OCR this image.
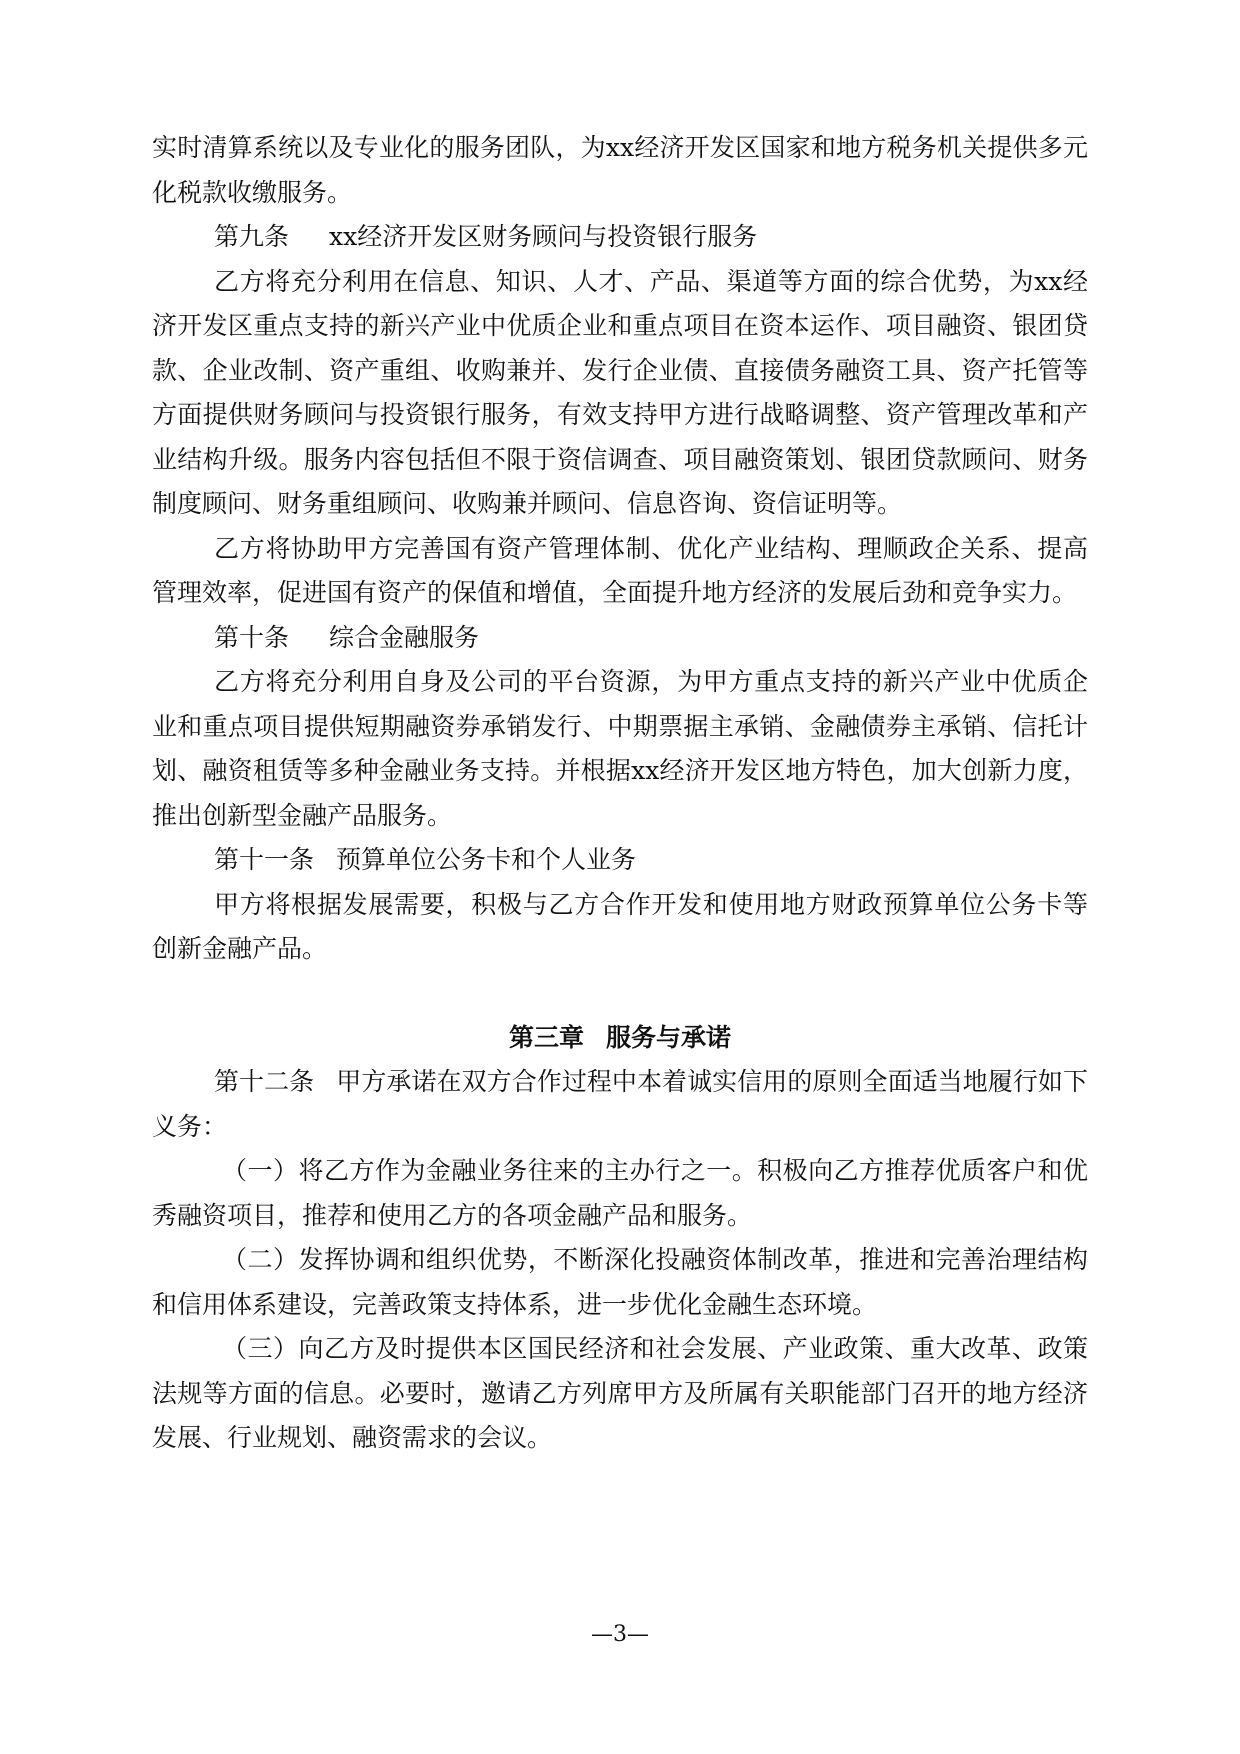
实时清算系统以及专业化的服务团队，为xx经济开发区国家和地方税务机关提供多元化税款收缴服务。

第九条 xx经济开发区财务顾问与投资银行服务

乙方将充分利用在信息、知识、人才、产品、渠道等方面的综合优势，为xx经济开发区重点支持的新兴产业中优质企业和重点项目在资本运作、项目融资、银团贷款、企业改制、资产重组、收购兼并、发行企业债、直接债务融资工具、资产托管等方面提供财务顾问与投资银行服务，有效支持甲方进行战略调整、资产管理改革和产业结构升级。服务内容包括但不限于资信调查、项目融资策划、银团贷款顾问、财务制度顾问、财务重组顾问、收购兼并顾问、信息咨询、资信证明等。

乙方将协助甲方完善国有资产管理体制、优化产业结构、理顺政企关系、提高管理效率，促进国有资产的保值和增值，全面提升地方经济的发展后劲和竞争实力。

第十条 综合金融服务

乙方将充分利用自身及公司的平台资源，为甲方重点支持的新兴产业中优质企业和重点项目提供短期融资券承销发行、中期票据主承销、金融债券主承销、信托计划、融资租赁等多种金融业务支持。并根据xx经济开发区地方特色，加大创新力度，推出创新型金融产品服务。

第十一条 预算单位公务卡和个人业务

甲方将根据发展需要，积极与乙方合作开发和使用地方财政预算单位公务卡等创新金融产品。

第三章 服务与承诺

第十二条 甲方承诺在双方合作过程中本着诚实信用的原则全面适当地履行如下义务：

（一）将乙方作为金融业务往来的主办行之一。积极向乙方推荐优质客户和优秀融资项目，推荐和使用乙方的各项金融产品和服务。

（二）发挥协调和组织优势，不断深化投融资体制改革，推进和完善治理结构和信用体系建设，完善政策支持体系，进一步优化金融生态环境。

（三）向乙方及时提供本区国民经济和社会发展、产业政策、重大改革、政策法规等方面的信息。必要时，邀请乙方列席甲方及所属有关职能部门召开的地方经济发展、行业规划、融资需求的会议。

—3—
